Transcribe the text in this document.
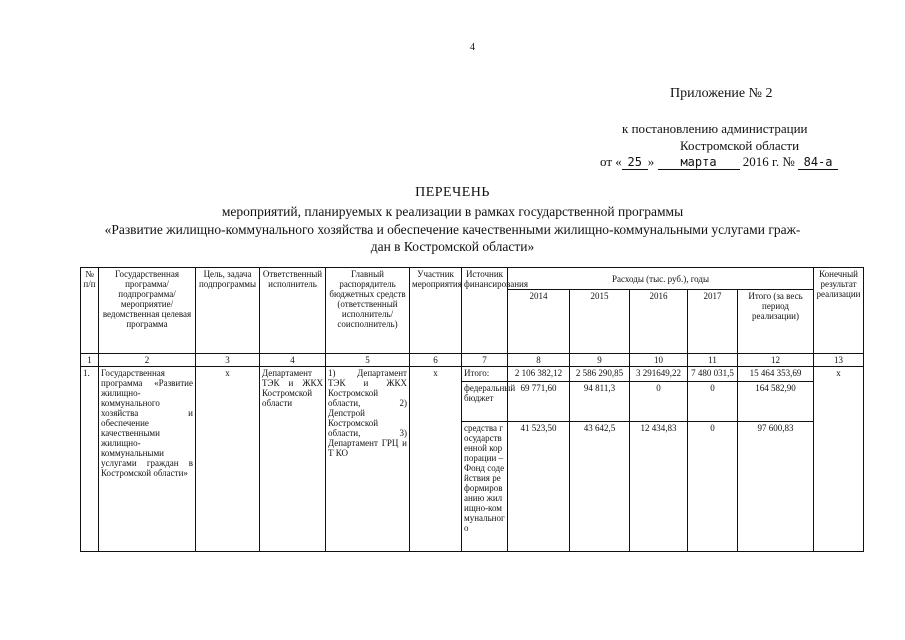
4
Приложение № 2
к постановлению администрации
Костромской области
от « 25 » марта 2016 г. № 84-а
ПЕРЕЧЕНЬ
мероприятий, планируемых к реализации в рамках государственной программы
«Развитие жилищно-коммунального хозяйства и обеспечение качественными жилищно-коммунальными услугами граж-
дан в Костромской области»
№ п/п	Государственная программа/подпрограмма/мероприятие/ведомственная целевая программа	Цель, задача подпрограммы	Ответственный исполнитель	Главный распорядитель бюджетных средств (ответственный исполнитель/соисполнитель)	Участник мероприятия	Источник финансирования	Расходы (тыс. руб.), годы					Конечный результат реализации
							2014	2015	2016	2017	Итого (за весь период реализации)	
1	2	3	4	5	6	7	8	9	10	11	12	13
1.	Государственная программа «Развитие жилищно-коммунального хозяйства и обеспечение качественными жилищно-коммунальными услугами граждан в Костромской области»	х	Департамент ТЭК и ЖКХ Костромской области	1) Департамент ТЭК и ЖКХ Костромской области, 2) Депстрой Костромской области, 3) Департамент ГРЦ и Т КО	х	Итого:	2 106 382,12	2 586 290,85	3 291649,22	7 480 031,5	15 464 353,69	х
						федеральный бюджет	69 771,60	94 811,3	0	0	164 582,90	
						средства государственной корпорации – Фонд содействия реформированию жилищно-коммунального	41 523,50	43 642,5	12 434,83	0	97 600,83	
